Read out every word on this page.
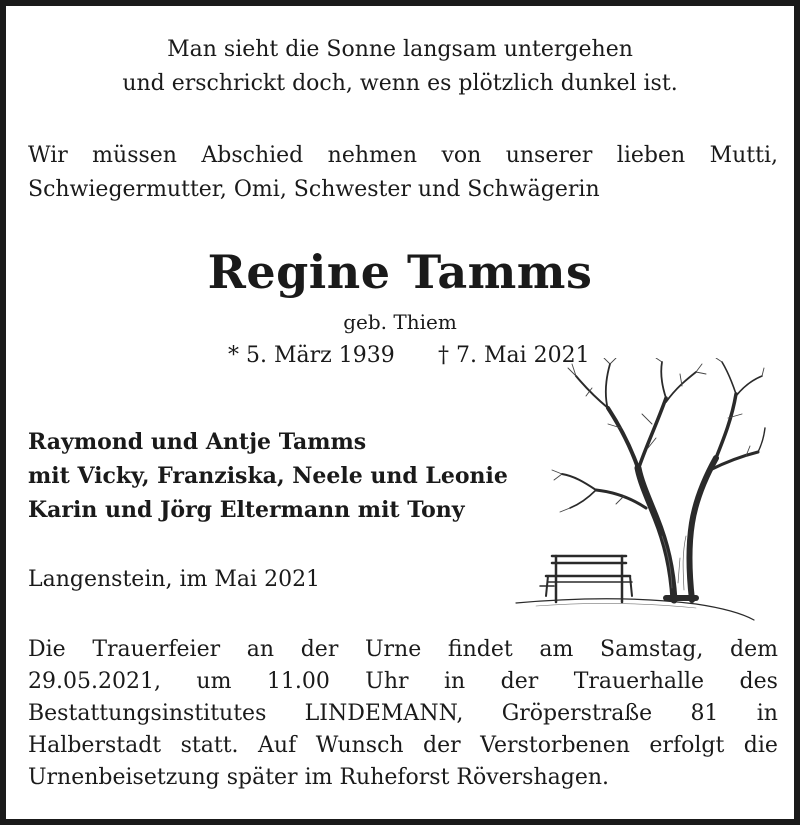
Man sieht die Sonne langsam untergehen
und erschrickt doch, wenn es plötzlich dunkel ist.
Wir müssen Abschied nehmen von unserer lieben Mutti,
Schwiegermutter, Omi, Schwester und Schwägerin
Regine Tamms
geb. Thiem
* 5. März 1939 † 7. Mai 2021
Raymond und Antje Tamms
mit Vicky, Franziska, Neele und Leonie
Karin und Jörg Eltermann mit Tony
Langenstein, im Mai 2021
Die Trauerfeier an der Urne findet am Samstag, dem
29.05.2021, um 11.00 Uhr in der Trauerhalle des
Bestattungsinstitutes LINDEMANN, Gröperstraße 81 in
Halberstadt statt. Auf Wunsch der Verstorbenen erfolgt die
Urnenbeisetzung später im Ruheforst Rövershagen.
